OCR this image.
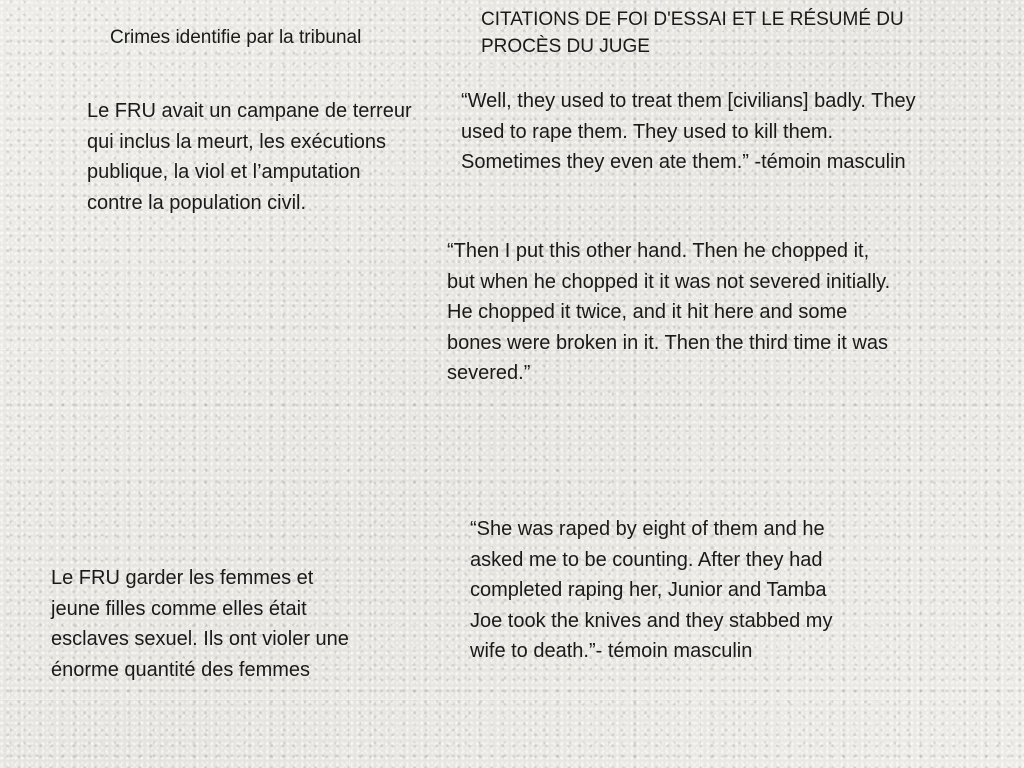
Crimes identifie par la tribunal

CITATIONS DE FOI D'ESSAI ET LE RÉSUMÉ DU PROCÈS DU JUGE

Le FRU avait un campane de terreur qui inclus la meurt, les exécutions publique, la viol et l’amputation contre la population civil.

Le FRU garder les femmes et jeune filles comme elles était esclaves sexuel. Ils ont violer une énorme quantité des femmes

“Well, they used to treat them [civilians] badly. They used to rape them. They used to kill them. Sometimes they even ate them.” -témoin masculin

“Then I put this other hand. Then he chopped it, but when he chopped it it was not severed initially. He chopped it twice, and it hit here and some bones were broken in it. Then the third time it was severed.”

“She was raped by eight of them and he asked me to be counting. After they had completed raping her, Junior and Tamba Joe took the knives and they stabbed my wife to death.”- témoin masculin
